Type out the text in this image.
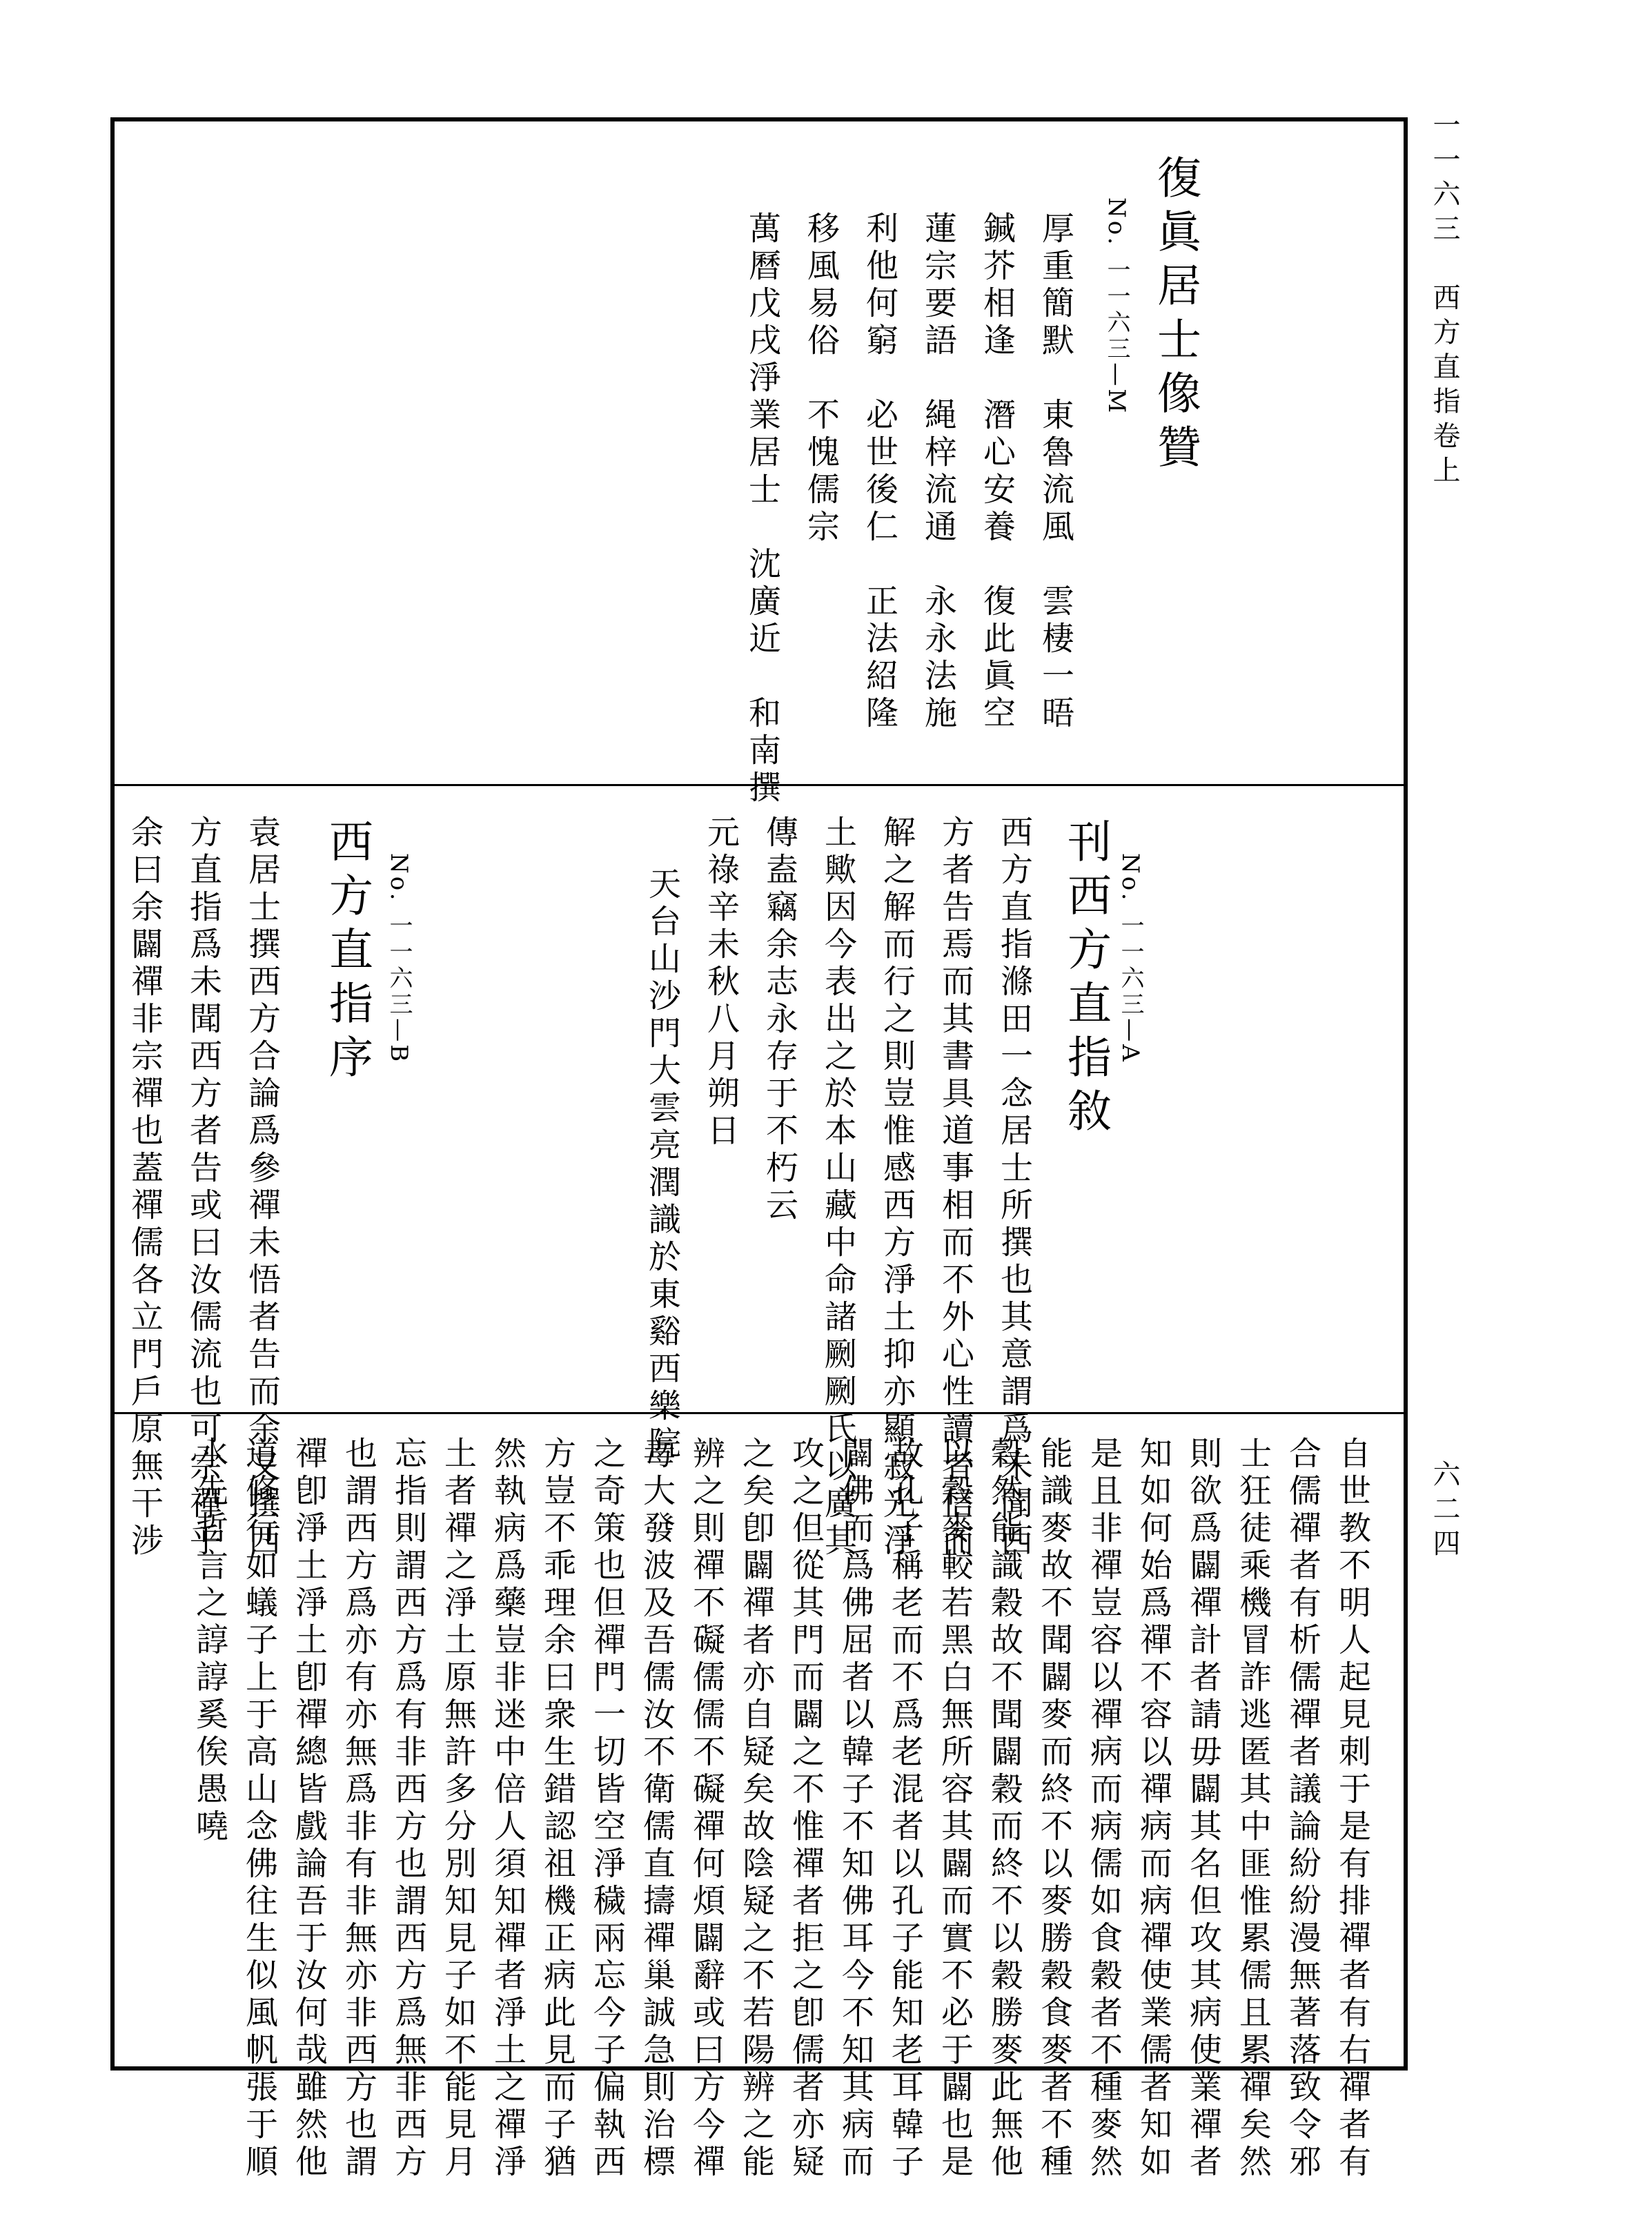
一一六三　西方直指卷上
六二四
No. 一一六三—M 復眞居士像贊
厚重簡默　東魯流風　雲棲一晤
鍼芥相逢　潛心安養　復此眞空
蓮宗要語　䋲梓流通　永永法施
利他何窮　必世後仁　正法紹隆
移風易俗　不愧儒宗
萬曆戊戌淨業居士　沈廣近　和南撰
No. 一一六三—A
刊西方直指敘
西方直指滌田一念居士所撰也其意謂爲未聞西
方者告焉而其書具道事相而不外心性讀者信而
解之解而行之則豈惟感西方淨土抑亦顯寂光淨
土歟因今表出之於本山藏中命諸劂劂氏以廣其
傳盍竊余志永存于不朽云
元祿辛未秋八月朔日
天台山沙門大雲亮潤識於東谿西樂院
No. 一一六三—B
西方直指序
袁居士撰西方合論爲參禪未悟者告而余又撰西
方直指爲未聞西方者告或曰汝儒流也可宗禪乎
余曰余闢禪非宗禪也蓋禪儒各立門戶原無干涉
自世教不明人起見刺于是有排禪者有右禪者有
合儒禪者有析儒禪者議論紛紛漫無著落致令邪
士狂徒乘機冒詐逃匿其中匪惟累儒且累禪矣然
則欲爲闢禪計者請毋闢其名但攻其病使業禪者
知如何始爲禪不容以禪病而病禪使業儒者知如
是且非禪豈容以禪病而病儒如食穀者不種麥然
能識麥故不聞闢麥而終不以麥勝穀食麥者不種
穀然能識穀故不聞闢穀而終不以穀勝麥此無他
以穀麥較若黑白無所容其闢而實不必于闢也是
故孔子稱老而不爲老混者以孔子能知老耳韓子
闢佛而爲佛屈者以韓子不知佛耳今不知其病而
攻之但從其門而闢之不惟禪者拒之卽儒者亦疑
之矣卽闢禪者亦自疑矣故陰疑之不若陽辨之能
辨之則禪不礙儒儒不礙禪何煩闢辭或曰方今禪
毒大發波及吾儒汝不衛儒直擣禪巢誠急則治標
之奇策也但禪門一切皆空淨穢兩忘今子偏執西
方豈不乖理余曰衆生錯認祖機正病此見而子猶
然執病爲藥豈非迷中倍人須知禪者淨土之禪淨
土者禪之淨土原無許多分別知見子如不能見月
忘指則謂西方爲有非西方也謂西方爲無非西方
也謂西方爲亦有亦無爲非有非無亦非西方也謂
禪卽淨土淨土卽禪總皆戲論吾于汝何哉雖然他
道修行如蟻子上于高山念佛往生似風帆張于順
水先哲言之諄諄奚俟愚嘵
